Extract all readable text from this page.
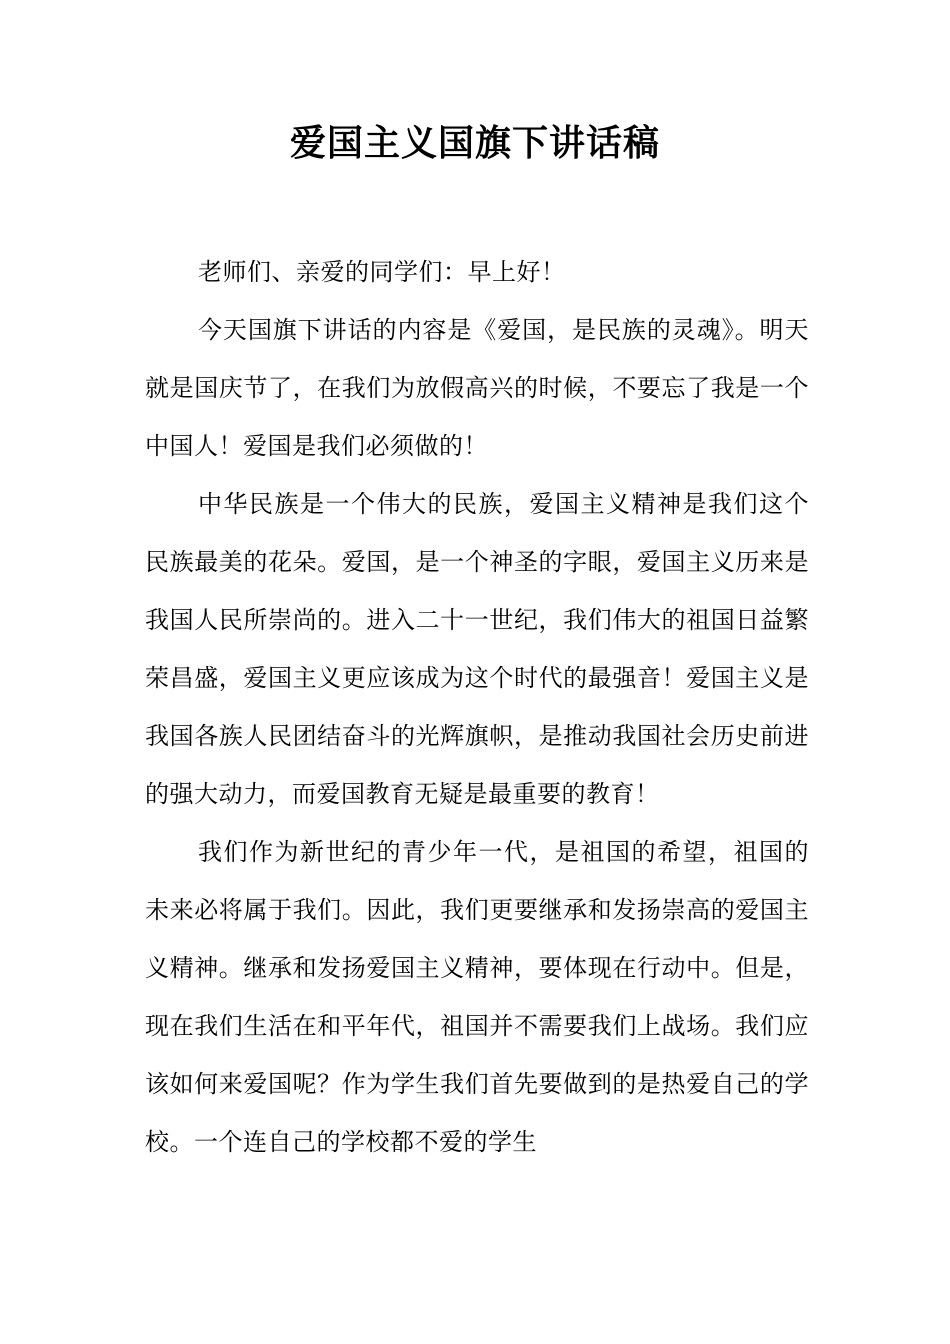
爱国主义国旗下讲话稿

老师们、亲爱的同学们：早上好！

今天国旗下讲话的内容是《爱国，是民族的灵魂》。明天就是国庆节了，在我们为放假高兴的时候，不要忘了我是一个中国人！爱国是我们必须做的！

中华民族是一个伟大的民族，爱国主义精神是我们这个民族最美的花朵。爱国，是一个神圣的字眼，爱国主义历来是我国人民所崇尚的。进入二十一世纪，我们伟大的祖国日益繁荣昌盛，爱国主义更应该成为这个时代的最强音！爱国主义是我国各族人民团结奋斗的光辉旗帜，是推动我国社会历史前进的强大动力，而爱国教育无疑是最重要的教育！

我们作为新世纪的青少年一代，是祖国的希望，祖国的未来必将属于我们。因此，我们更要继承和发扬崇高的爱国主义精神。继承和发扬爱国主义精神，要体现在行动中。但是，现在我们生活在和平年代，祖国并不需要我们上战场。我们应该如何来爱国呢？作为学生我们首先要做到的是热爱自己的学校。一个连自己的学校都不爱的学生
